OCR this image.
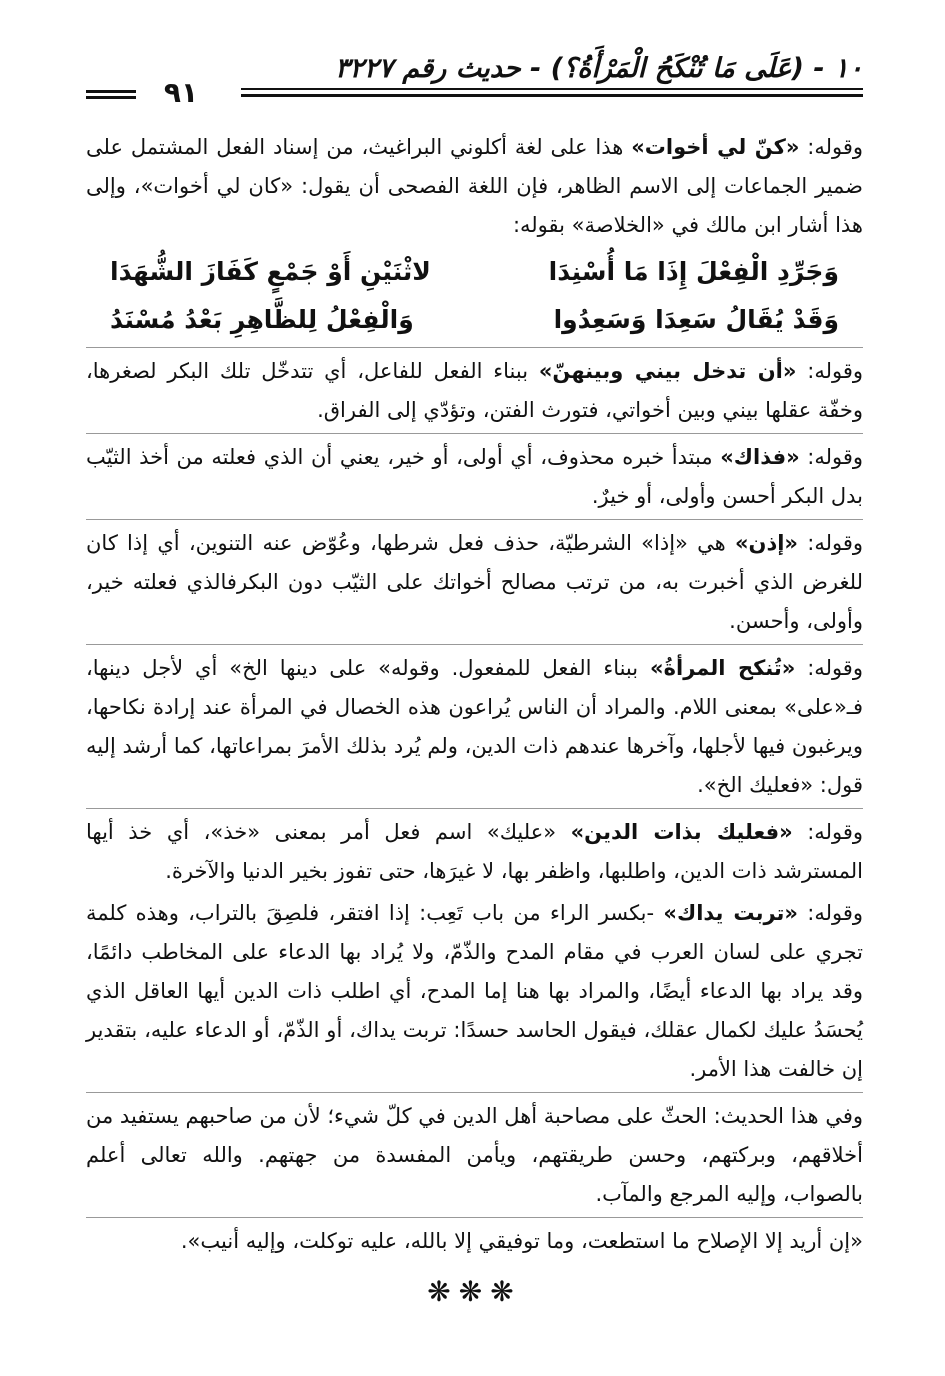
١٠ - (عَلَى مَا تُنْكَحُ الْمَرْأَةُ؟) - حديث رقم ٣٢٢٧
٩١

وقوله: «كنّ لي أخوات» هذا على لغة أكلوني البراغيث، من إسناد الفعل المشتمل على ضمير الجماعات إلى الاسم الظاهر، فإن اللغة الفصحى أن يقول: «كان لي أخوات»، وإلى هذا أشار ابن مالك في «الخلاصة» بقوله:

وَجَرِّدِ الْفِعْلَ إِذَا مَا أُسْنِدَا
لاثْنَيْنِ أَوْ جَمْعٍ كَفَازَ الشُّهَدَا
وَقَدْ يُقَالُ سَعِدَا وَسَعِدُوا
وَالْفِعْلُ لِلظَّاهِرِ بَعْدُ مُسْنَدُ

وقوله: «أن تدخل بيني وبينهنّ» ببناء الفعل للفاعل، أي تتدخّل تلك البكر لصغرها، وخفّة عقلها بيني وبين أخواتي، فتورث الفتن، وتؤدّي إلى الفراق.

وقوله: «فذاك» مبتدأ خبره محذوف، أي أولى، أو خير، يعني أن الذي فعلته من أخذ الثيّب بدل البكر أحسن وأولى، أو خيرٌ.

وقوله: «إذن» هي «إذا» الشرطيّة، حذف فعل شرطها، وعُوّض عنه التنوين، أي إذا كان للغرض الذي أخبرت به، من ترتب مصالح أخواتك على الثيّب دون البكرفالذي فعلته خير، وأولى، وأحسن.

وقوله: «تُنكح المرأةُ» ببناء الفعل للمفعول. وقوله» على دينها الخ» أي لأجل دينها، فـ«على» بمعنى اللام. والمراد أن الناس يُراعون هذه الخصال في المرأة عند إرادة نكاحها، ويرغبون فيها لأجلها، وآخرها عندهم ذات الدين، ولم يُرد بذلك الأمرَ بمراعاتها، كما أرشد إليه قول: «فعليك الخ».

وقوله: «فعليك بذات الدين» «عليك» اسم فعل أمر بمعنى «خذ»، أي خذ أيها المسترشد ذات الدين، واطلبها، واظفر بها، لا غيرَها، حتى تفوز بخير الدنيا والآخرة.

وقوله: «تربت يداك» -بكسر الراء من باب تَعِب: إذا افتقر، فلصِقَ بالتراب، وهذه كلمة تجري على لسان العرب في مقام المدح والذّمّ، ولا يُراد بها الدعاء على المخاطب دائمًا، وقد يراد بها الدعاء أيضًا، والمراد بها هنا إما المدح، أي اطلب ذات الدين أيها العاقل الذي يُحسَدُ عليك لكمال عقلك، فيقول الحاسد حسدًا: تربت يداك، أو الذّمّ، أو الدعاء عليه، بتقدير إن خالفت هذا الأمر.

وفي هذا الحديث: الحثّ على مصاحبة أهل الدين في كلّ شيء؛ لأن من صاحبهم يستفيد من أخلاقهم، وبركتهم، وحسن طريقتهم، ويأمن المفسدة من جهتهم. والله تعالى أعلم بالصواب، وإليه المرجع والمآب.

«إن أريد إلا الإصلاح ما استطعت، وما توفيقي إلا بالله، عليه توكلت، وإليه أنيب».

❋❋❋
